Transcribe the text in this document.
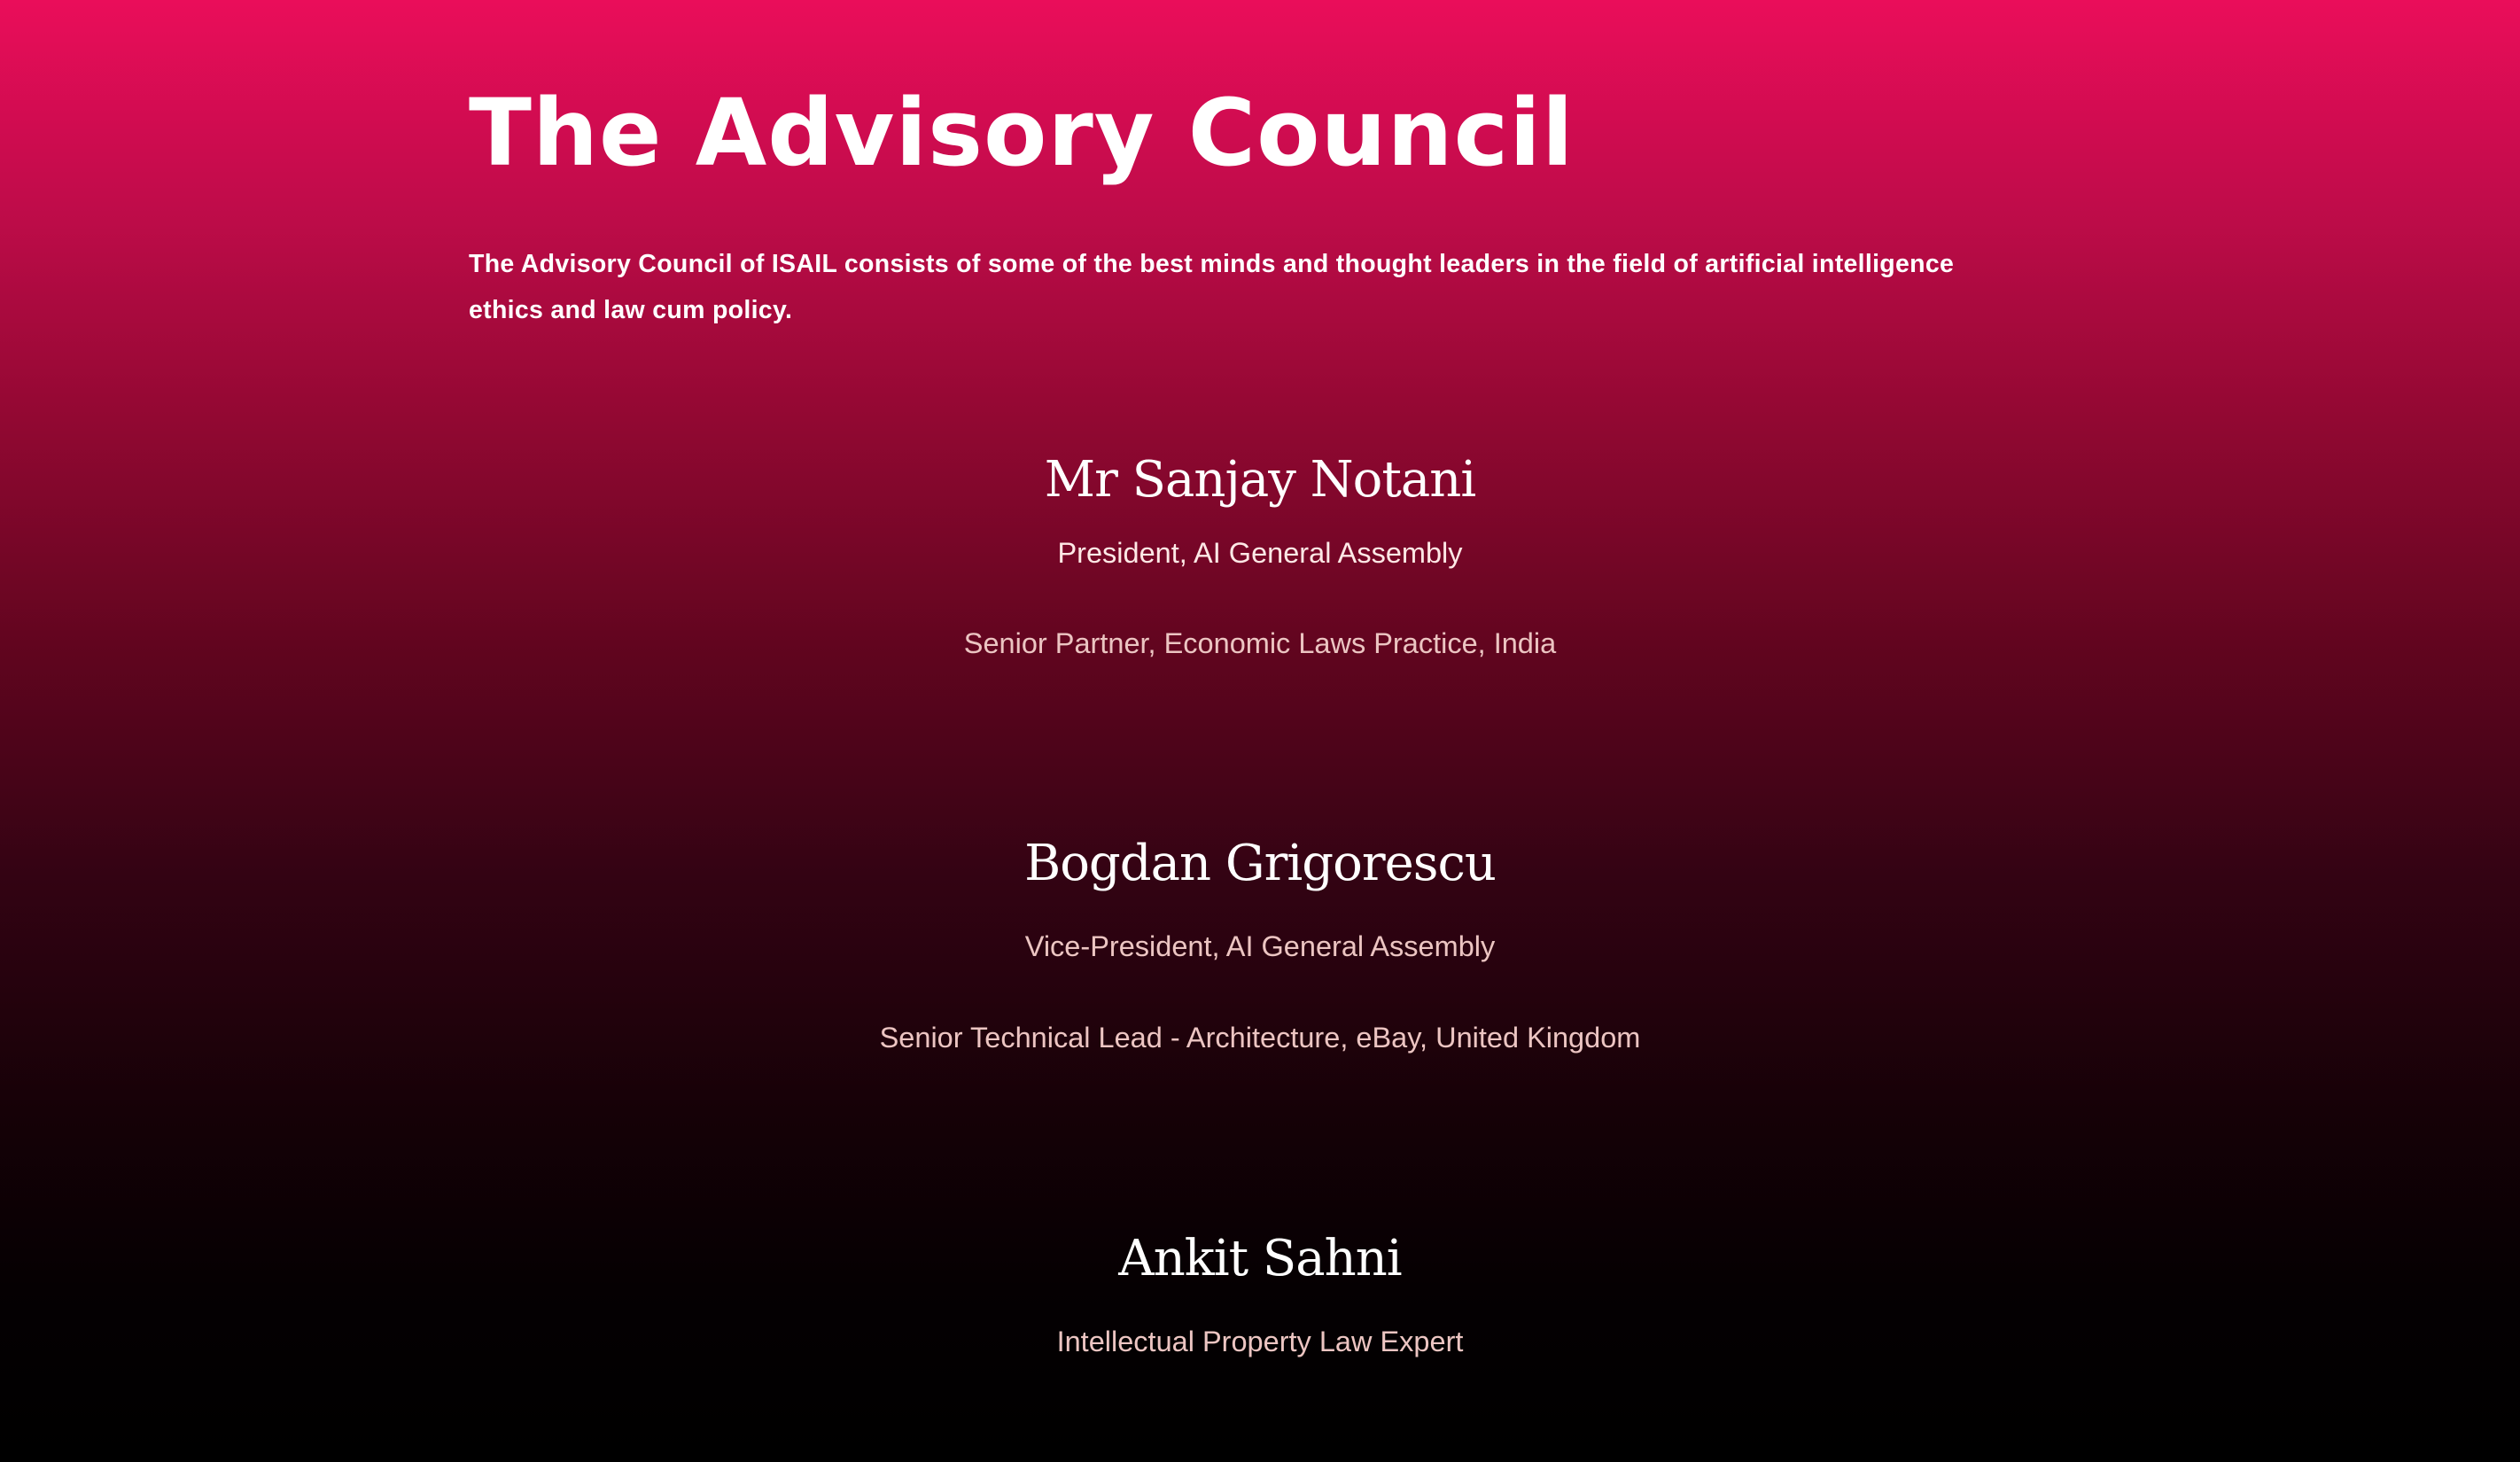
The Advisory Council

The Advisory Council of ISAIL consists of some of the best minds and thought leaders in the field of artificial intelligence ethics and law cum policy.

Mr Sanjay Notani

President, AI General Assembly

Senior Partner, Economic Laws Practice, India

Bogdan Grigorescu

Vice-President, AI General Assembly

Senior Technical Lead - Architecture, eBay, United Kingdom

Ankit Sahni

Intellectual Property Law Expert
